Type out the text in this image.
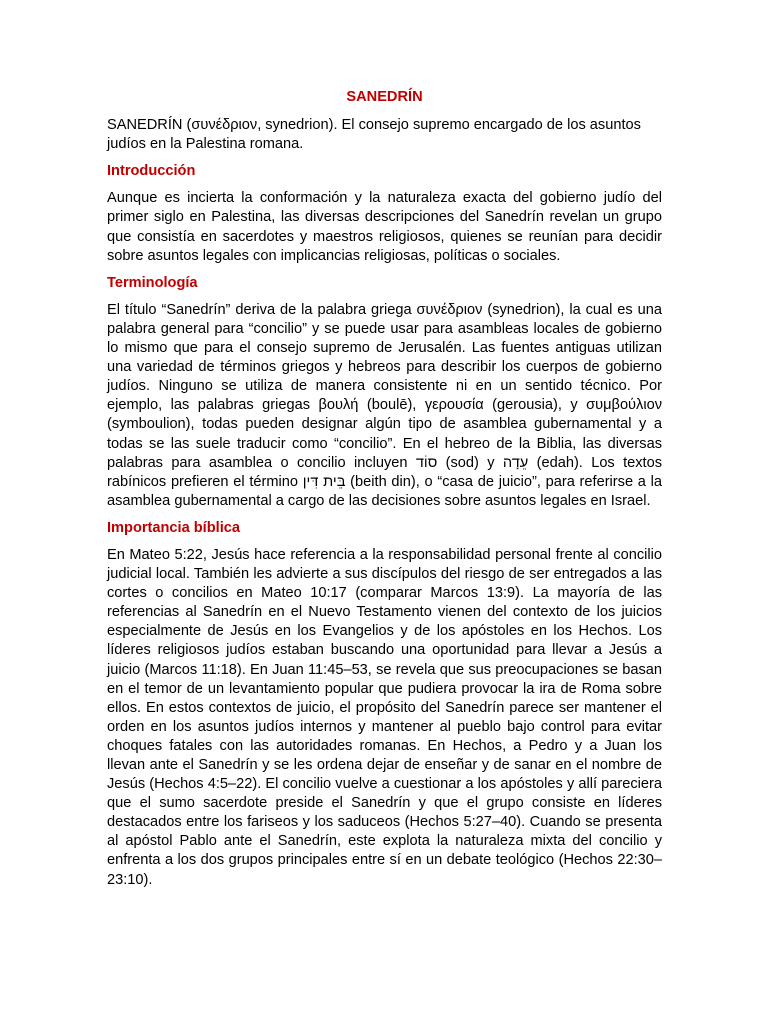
SANEDRÍN

SANEDRÍN (συνέδριον, synedrion). El consejo supremo encargado de los asuntos judíos en la Palestina romana.

Introducción

Aunque es incierta la conformación y la naturaleza exacta del gobierno judío del primer siglo en Palestina, las diversas descripciones del Sanedrín revelan un grupo que consistía en sacerdotes y maestros religiosos, quienes se reunían para decidir sobre asuntos legales con implicancias religiosas, políticas o sociales.

Terminología

El título “Sanedrín” deriva de la palabra griega συνέδριον (synedrion), la cual es una palabra general para “concilio” y se puede usar para asambleas locales de gobierno lo mismo que para el consejo supremo de Jerusalén. Las fuentes antiguas utilizan una variedad de términos griegos y hebreos para describir los cuerpos de gobierno judíos. Ninguno se utiliza de manera consistente ni en un sentido técnico. Por ejemplo, las palabras griegas βουλή (boulē), γερουσία (gerousia), y συμβούλιον (symboulion), todas pueden designar algún tipo de asamblea gubernamental y a todas se las suele traducir como “concilio”. En el hebreo de la Biblia, las diversas palabras para asamblea o concilio incluyen סוֹד (sod) y עֵדָה (edah). Los textos rabínicos prefieren el término בֵּית דִּין (beith din), o “casa de juicio”, para referirse a la asamblea gubernamental a cargo de las decisiones sobre asuntos legales en Israel.

Importancia bíblica

En Mateo 5:22, Jesús hace referencia a la responsabilidad personal frente al concilio judicial local. También les advierte a sus discípulos del riesgo de ser entregados a las cortes o concilios en Mateo 10:17 (comparar Marcos 13:9). La mayoría de las referencias al Sanedrín en el Nuevo Testamento vienen del contexto de los juicios especialmente de Jesús en los Evangelios y de los apóstoles en los Hechos. Los líderes religiosos judíos estaban buscando una oportunidad para llevar a Jesús a juicio (Marcos 11:18). En Juan 11:45–53, se revela que sus preocupaciones se basan en el temor de un levantamiento popular que pudiera provocar la ira de Roma sobre ellos. En estos contextos de juicio, el propósito del Sanedrín parece ser mantener el orden en los asuntos judíos internos y mantener al pueblo bajo control para evitar choques fatales con las autoridades romanas. En Hechos, a Pedro y a Juan los llevan ante el Sanedrín y se les ordena dejar de enseñar y de sanar en el nombre de Jesús (Hechos 4:5–22). El concilio vuelve a cuestionar a los apóstoles y allí pareciera que el sumo sacerdote preside el Sanedrín y que el grupo consiste en líderes destacados entre los fariseos y los saduceos (Hechos 5:27–40). Cuando se presenta al apóstol Pablo ante el Sanedrín, este explota la naturaleza mixta del concilio y enfrenta a los dos grupos principales entre sí en un debate teológico (Hechos 22:30–23:10).
